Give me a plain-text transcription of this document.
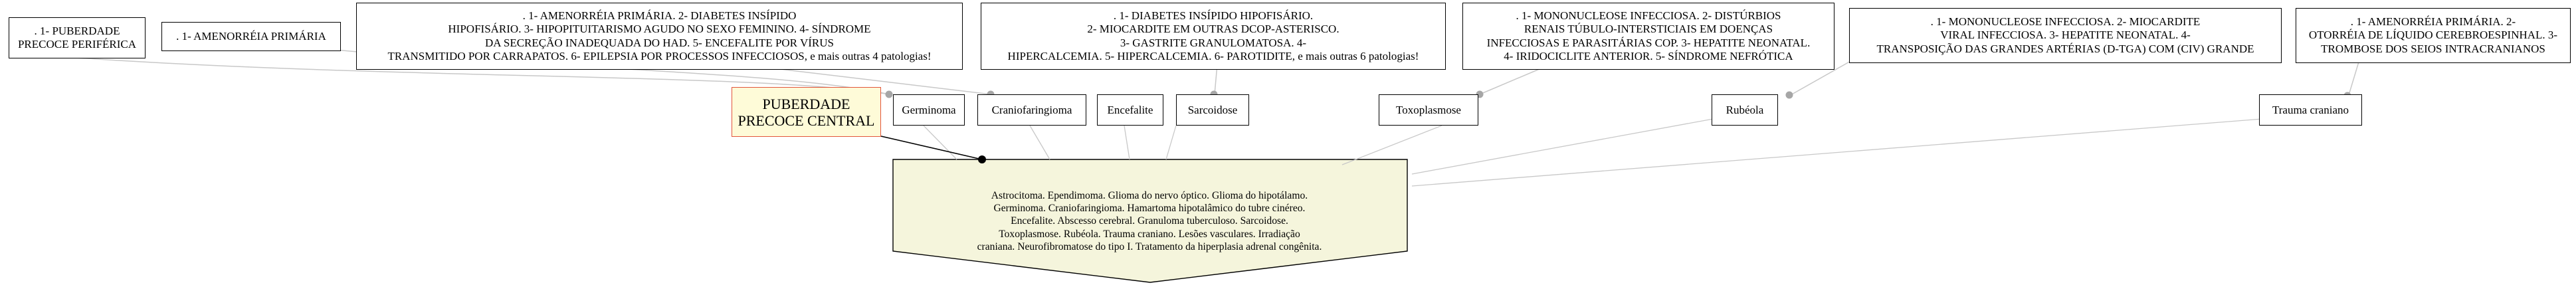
. 1- PUBERDADE
PRECOCE PERIFÉRICA
. 1- AMENORRÉIA PRIMÁRIA
. 1- AMENORRÉIA PRIMÁRIA. 2- DIABETES INSÍPIDO
HIPOFISÁRIO. 3- HIPOPITUITARISMO AGUDO NO SEXO FEMININO. 4- SÍNDROME
DA SECREÇÃO INADEQUADA DO HAD. 5- ENCEFALITE POR VÍRUS
TRANSMITIDO POR CARRAPATOS. 6- EPILEPSIA POR PROCESSOS INFECCIOSOS, e mais outras 4 patologias!
. 1- DIABETES INSÍPIDO HIPOFISÁRIO.
2- MIOCARDITE EM OUTRAS DCOP-ASTERISCO.
3- GASTRITE GRANULOMATOSA. 4-
HIPERCALCEMIA. 5- HIPERCALCEMIA. 6- PAROTIDITE, e mais outras 6 patologias!
. 1- MONONUCLEOSE INFECCIOSA. 2- DISTÚRBIOS
RENAIS TÚBULO-INTERSTICIAIS EM DOENÇAS
INFECCIOSAS E PARASITÁRIAS COP. 3- HEPATITE NEONATAL.
4- IRIDOCICLITE ANTERIOR. 5- SÍNDROME NEFRÓTICA
. 1- MONONUCLEOSE INFECCIOSA. 2- MIOCARDITE
VIRAL INFECCIOSA. 3- HEPATITE NEONATAL. 4-
TRANSPOSIÇÃO DAS GRANDES ARTÉRIAS (D-TGA) COM (CIV) GRANDE
. 1- AMENORRÉIA PRIMÁRIA. 2-
OTORRÉIA DE LÍQUIDO CEREBROESPINHAL. 3-
TROMBOSE DOS SEIOS INTRACRANIANOS
PUBERDADE
PRECOCE CENTRAL
Germinoma	Craniofaringioma	Encefalite	Sarcoidose	Toxoplasmose	Rubéola	Trauma craniano
Astrocitoma. Ependimoma. Glioma do nervo óptico. Glioma do hipotálamo.
Germinoma. Craniofaringioma. Hamartoma hipotalâmico do tubre cinéreo.
Encefalite. Abscesso cerebral. Granuloma tuberculoso. Sarcoidose.
Toxoplasmose. Rubéola. Trauma craniano. Lesões vasculares. Irradiação
craniana. Neurofibromatose do tipo I. Tratamento da hiperplasia adrenal congênita.
